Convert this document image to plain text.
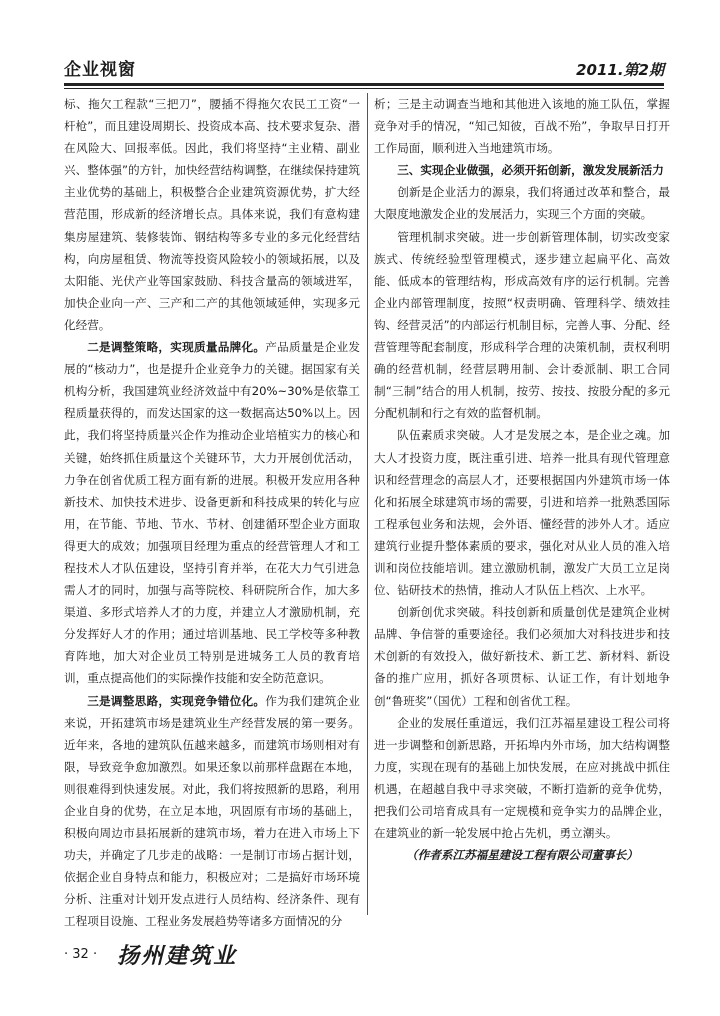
企业视窗	2011.第2期

标、拖欠工程款“三把刀”，腰插不得拖欠农民工工资“一杆枪”，而且建设周期长、投资成本高、技术要求复杂、潜在风险大、回报率低。因此，我们将坚持“主业精、副业兴、整体强”的方针，加快经营结构调整，在继续保持建筑主业优势的基础上，积极整合企业建筑资源优势，扩大经营范围，形成新的经济增长点。具体来说，我们有意构建集房屋建筑、装修装饰、钢结构等多专业的多元化经营结构，向房屋租赁、物流等投资风险较小的领域拓展，以及太阳能、光伏产业等国家鼓励、科技含量高的领域进军，加快企业向一产、三产和二产的其他领域延伸，实现多元化经营。

二是调整策略，实现质量品牌化。产品质量是企业发展的“核动力”，也是提升企业竞争力的关键。据国家有关机构分析，我国建筑业经济效益中有20%~30%是依靠工程质量获得的，而发达国家的这一数据高达50%以上。因此，我们将坚持质量兴企作为推动企业培植实力的核心和关键，始终抓住质量这个关键环节，大力开展创优活动，力争在创省优质工程方面有新的进展。积极开发应用各种新技术、加快技术进步、设备更新和科技成果的转化与应用，在节能、节地、节水、节材、创建循环型企业方面取得更大的成效；加强项目经理为重点的经营管理人才和工程技术人才队伍建设，坚持引育并举，在花大力气引进急需人才的同时，加强与高等院校、科研院所合作，加大多渠道、多形式培养人才的力度，并建立人才激励机制，充分发挥好人才的作用；通过培训基地、民工学校等多种教育阵地，加大对企业员工特别是进城务工人员的教育培训，重点提高他们的实际操作技能和安全防范意识。

三是调整思路，实现竞争错位化。作为我们建筑企业来说，开拓建筑市场是建筑业生产经营发展的第一要务。近年来，各地的建筑队伍越来越多，而建筑市场则相对有限，导致竞争愈加激烈。如果还象以前那样盘踞在本地，则很难得到快速发展。对此，我们将按照新的思路，利用企业自身的优势，在立足本地，巩固原有市场的基础上，积极向周边市县拓展新的建筑市场，着力在进入市场上下功夫，并确定了几步走的战略：一是制订市场占据计划，依据企业自身特点和能力，积极应对；二是搞好市场环境分析、注重对计划开发点进行人员结构、经济条件、现有工程项目设施、工程业务发展趋势等诸多方面情况的分

析；三是主动调查当地和其他进入该地的施工队伍，掌握竞争对手的情况，“知己知彼，百战不殆”，争取早日打开工作局面，顺利进入当地建筑市场。

三、实现企业做强，必须开拓创新，激发发展新活力

创新是企业活力的源泉，我们将通过改革和整合，最大限度地激发企业的发展活力，实现三个方面的突破。

管理机制求突破。进一步创新管理体制，切实改变家族式、传统经验型管理模式，逐步建立起扁平化、高效能、低成本的管理结构，形成高效有序的运行机制。完善企业内部管理制度，按照“权责明确、管理科学、绩效挂钩、经营灵活”的内部运行机制目标，完善人事、分配、经营管理等配套制度，形成科学合理的决策机制，责权利明确的经营机制，经营层聘用制、会计委派制、职工合同制“三制”结合的用人机制，按劳、按技、按股分配的多元分配机制和行之有效的监督机制。

队伍素质求突破。人才是发展之本，是企业之魂。加大人才投资力度，既注重引进、培养一批具有现代管理意识和经营理念的高层人才，还要根据国内外建筑市场一体化和拓展全球建筑市场的需要，引进和培养一批熟悉国际工程承包业务和法规，会外语、懂经营的涉外人才。适应建筑行业提升整体素质的要求，强化对从业人员的准入培训和岗位技能培训。建立激励机制，激发广大员工立足岗位、钻研技术的热情，推动人才队伍上档次、上水平。

创新创优求突破。科技创新和质量创优是建筑企业树品牌、争信誉的重要途径。我们必须加大对科技进步和技术创新的有效投入，做好新技术、新工艺、新材料、新设备的推广应用，抓好各项贯标、认证工作，有计划地争创“鲁班奖”（国优）工程和创省优工程。

企业的发展任重道远，我们江苏福星建设工程公司将进一步调整和创新思路，开拓埠内外市场，加大结构调整力度，实现在现有的基础上加快发展，在应对挑战中抓住机遇，在超越自我中寻求突破，不断打造新的竞争优势，把我们公司培育成具有一定规模和竞争实力的品牌企业，在建筑业的新一轮发展中抢占先机，勇立潮头。

（作者系江苏福星建设工程有限公司董事长）

· 32 · 扬州建筑业
